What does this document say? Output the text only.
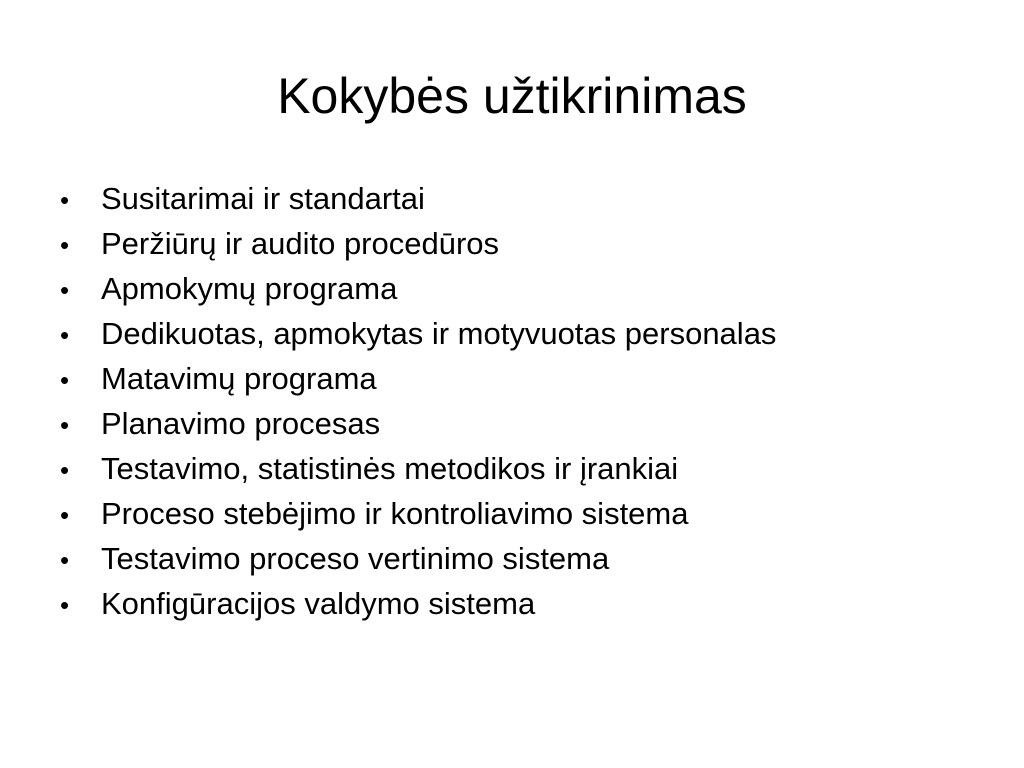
Kokybės užtikrinimas
•	Susitarimai ir standartai
•	Peržiūrų ir audito procedūros
•	Apmokymų programa
•	Dedikuotas, apmokytas ir motyvuotas personalas
•	Matavimų programa
•	Planavimo procesas
•	Testavimo, statistinės metodikos ir įrankiai
•	Proceso stebėjimo ir kontroliavimo sistema
•	Testavimo proceso vertinimo sistema
•	Konfigūracijos valdymo sistema
